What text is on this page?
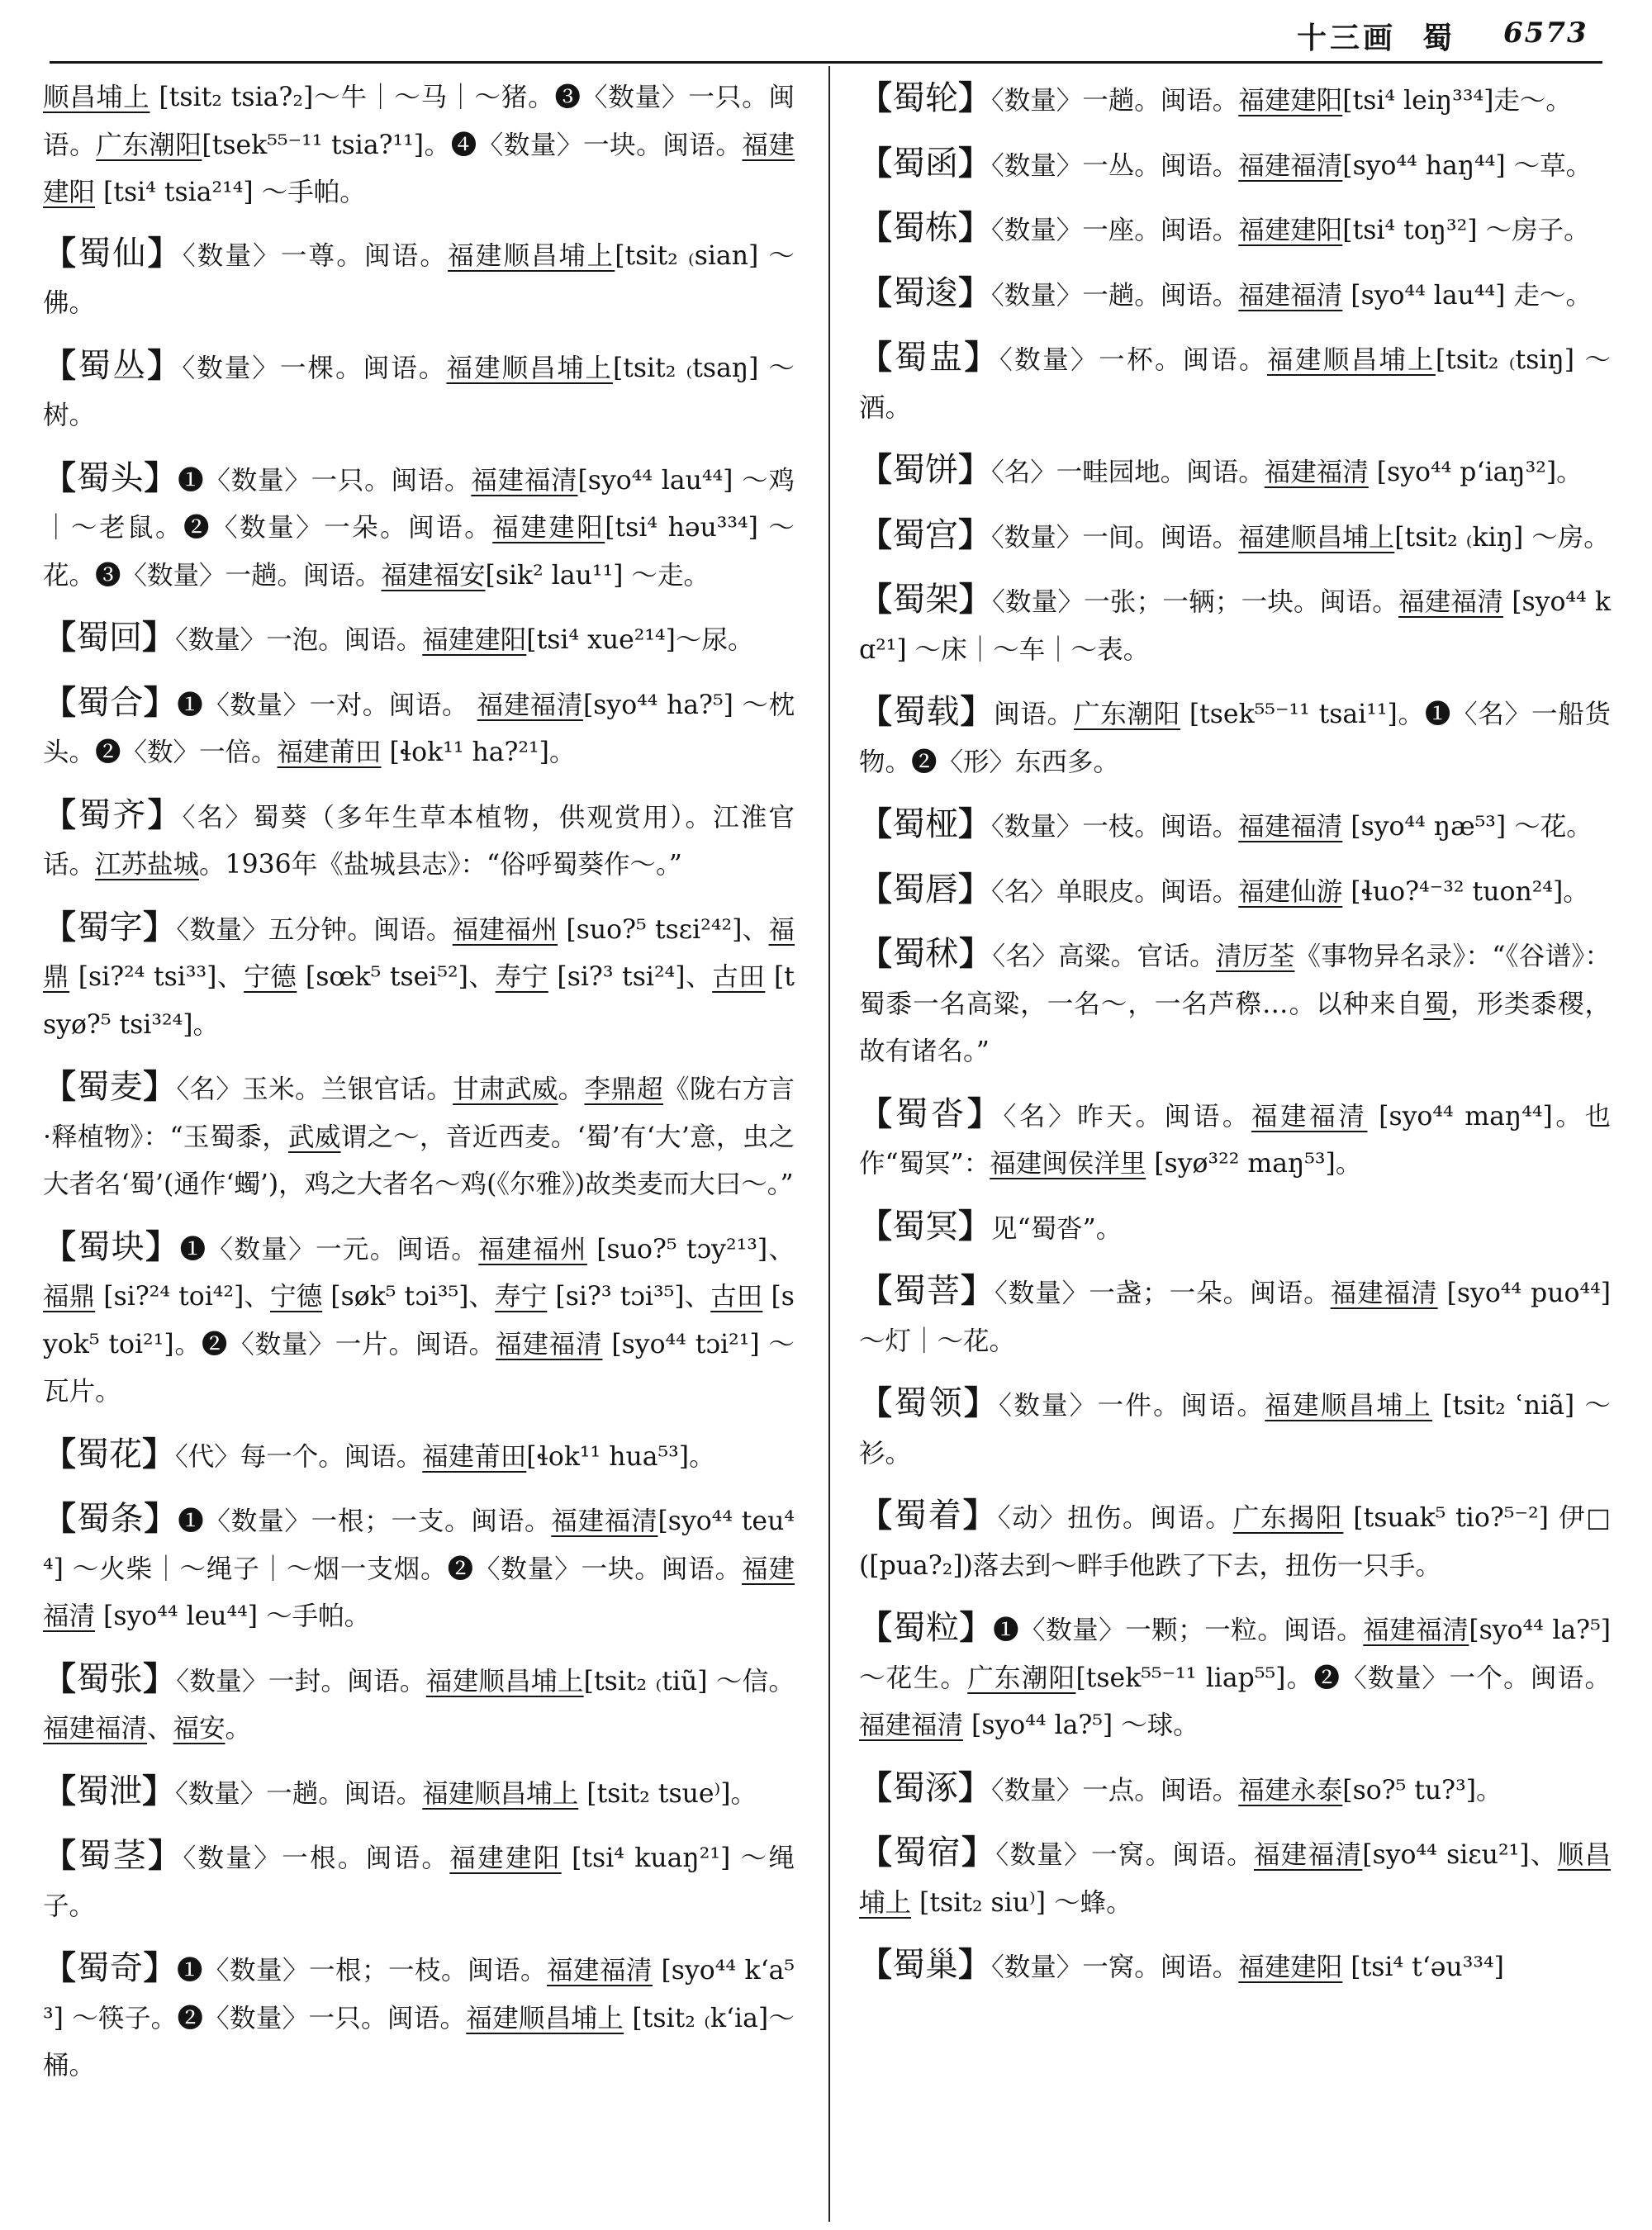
十三画 蜀 6573
顺昌埔上 [tsit₂ tsia?₂]～牛｜～马｜～猪。❸〈数量〉一只。闽语。广东潮阳[tsek⁵⁵⁻¹¹ tsia?¹¹]。❹〈数量〉一块。闽语。福建建阳 [tsi⁴ tsia²¹⁴] ～手帕。
【蜀仙】〈数量〉一尊。闽语。福建顺昌埔上[tsit₂ ₍sian] ～佛。
【蜀丛】〈数量〉一棵。闽语。福建顺昌埔上[tsit₂ ₍tsaŋ] ～树。
【蜀头】❶〈数量〉一只。闽语。福建福清[syo⁴⁴ lau⁴⁴] ～鸡｜～老鼠。❷〈数量〉一朵。闽语。福建建阳[tsi⁴ həu³³⁴] ～花。❸〈数量〉一趟。闽语。福建福安[sik² lau¹¹] ～走。
【蜀回】〈数量〉一泡。闽语。福建建阳[tsi⁴ xue²¹⁴]～尿。
【蜀合】❶〈数量〉一对。闽语。 福建福清[syo⁴⁴ ha?⁵] ～枕头。❷〈数〉一倍。福建莆田 [ɬok¹¹ ha?²¹]。
【蜀齐】〈名〉蜀葵（多年生草本植物，供观赏用）。江淮官话。江苏盐城。1936年《盐城县志》：“俗呼蜀葵作～。”
【蜀字】〈数量〉五分钟。闽语。福建福州 [suo?⁵ tsɛi²⁴²]、福鼎 [si?²⁴ tsi³³]、宁德 [sœk⁵ tsei⁵²]、寿宁 [si?³ tsi²⁴]、古田 [tsyø?⁵ tsi³²⁴]。
【蜀麦】〈名〉玉米。兰银官话。甘肃武威。李鼎超《陇右方言·释植物》：“玉蜀黍，武威谓之～，音近西麦。‘蜀’有‘大’意，虫之大者名‘蜀’(通作‘蠋’)，鸡之大者名～鸡(《尔雅》)故类麦而大曰～。”
【蜀块】❶〈数量〉一元。闽语。福建福州 [suo?⁵ tɔy²¹³]、福鼎 [si?²⁴ toi⁴²]、宁德 [søk⁵ tɔi³⁵]、寿宁 [si?³ tɔi³⁵]、古田 [syok⁵ toi²¹]。❷〈数量〉一片。闽语。福建福清 [syo⁴⁴ tɔi²¹] ～瓦片。
【蜀花】〈代〉每一个。闽语。福建莆田[ɬok¹¹ hua⁵³]。
【蜀条】❶〈数量〉一根；一支。闽语。福建福清[syo⁴⁴ teu⁴⁴] ～火柴｜～绳子｜～烟一支烟。❷〈数量〉一块。闽语。福建福清 [syo⁴⁴ leu⁴⁴] ～手帕。
【蜀张】〈数量〉一封。闽语。福建顺昌埔上[tsit₂ ₍tiũ] ～信。福建福清、福安。
【蜀泄】〈数量〉一趟。闽语。福建顺昌埔上 [tsit₂ tsue⁾]。
【蜀茎】〈数量〉一根。闽语。福建建阳 [tsi⁴ kuaŋ²¹] ～绳子。
【蜀奇】❶〈数量〉一根；一枝。闽语。福建福清 [syo⁴⁴ k‘a⁵³] ～筷子。❷〈数量〉一只。闽语。福建顺昌埔上 [tsit₂ ₍k‘ia]～桶。
【蜀轮】〈数量〉一趟。闽语。福建建阳[tsi⁴ leiŋ³³⁴]走～。
【蜀函】〈数量〉一丛。闽语。福建福清[syo⁴⁴ haŋ⁴⁴] ～草。
【蜀栋】〈数量〉一座。闽语。福建建阳[tsi⁴ toŋ³²] ～房子。
【蜀逡】〈数量〉一趟。闽语。福建福清 [syo⁴⁴ lau⁴⁴] 走～。
【蜀盅】〈数量〉一杯。闽语。福建顺昌埔上[tsit₂ ₍tsiŋ] ～酒。
【蜀饼】〈名〉一畦园地。闽语。福建福清 [syo⁴⁴ p‘iaŋ³²]。
【蜀宫】〈数量〉一间。闽语。福建顺昌埔上[tsit₂ ₍kiŋ] ～房。
【蜀架】〈数量〉一张；一辆；一块。闽语。福建福清 [syo⁴⁴ kɑ²¹] ～床｜～车｜～表。
【蜀载】闽语。广东潮阳 [tsek⁵⁵⁻¹¹ tsai¹¹]。❶〈名〉一船货物。❷〈形〉东西多。
【蜀桠】〈数量〉一枝。闽语。福建福清 [syo⁴⁴ ŋæ⁵³] ～花。
【蜀唇】〈名〉单眼皮。闽语。福建仙游 [ɬuo?⁴⁻³² tuon²⁴]。
【蜀秫】〈名〉高粱。官话。清厉荃《事物异名录》：“《谷谱》：蜀黍一名高粱，一名～，一名芦穄…。以种来自蜀，形类黍稷，故有诸名。”
【蜀沓】〈名〉昨天。闽语。福建福清 [syo⁴⁴ maŋ⁴⁴]。也作“蜀冥”：福建闽侯洋里 [syø³²² maŋ⁵³]。
【蜀冥】见“蜀沓”。
【蜀菩】〈数量〉一盏；一朵。闽语。福建福清 [syo⁴⁴ puo⁴⁴] ～灯｜～花。
【蜀领】〈数量〉一件。闽语。福建顺昌埔上 [tsit₂ ʿniã] ～衫。
【蜀着】〈动〉扭伤。闽语。广东揭阳 [tsuak⁵ tio?⁵⁻²] 伊□([pua?₂])落去到～畔手他跌了下去，扭伤一只手。
【蜀粒】❶〈数量〉一颗；一粒。闽语。福建福清[syo⁴⁴ la?⁵]～花生。广东潮阳[tsek⁵⁵⁻¹¹ liap⁵⁵]。❷〈数量〉一个。闽语。福建福清 [syo⁴⁴ la?⁵] ～球。
【蜀涿】〈数量〉一点。闽语。福建永泰[so?⁵ tu?³]。
【蜀宿】〈数量〉一窝。闽语。福建福清[syo⁴⁴ siɛu²¹]、顺昌埔上 [tsit₂ siu⁾] ～蜂。
【蜀巢】〈数量〉一窝。闽语。福建建阳 [tsi⁴ t‘əu³³⁴]
